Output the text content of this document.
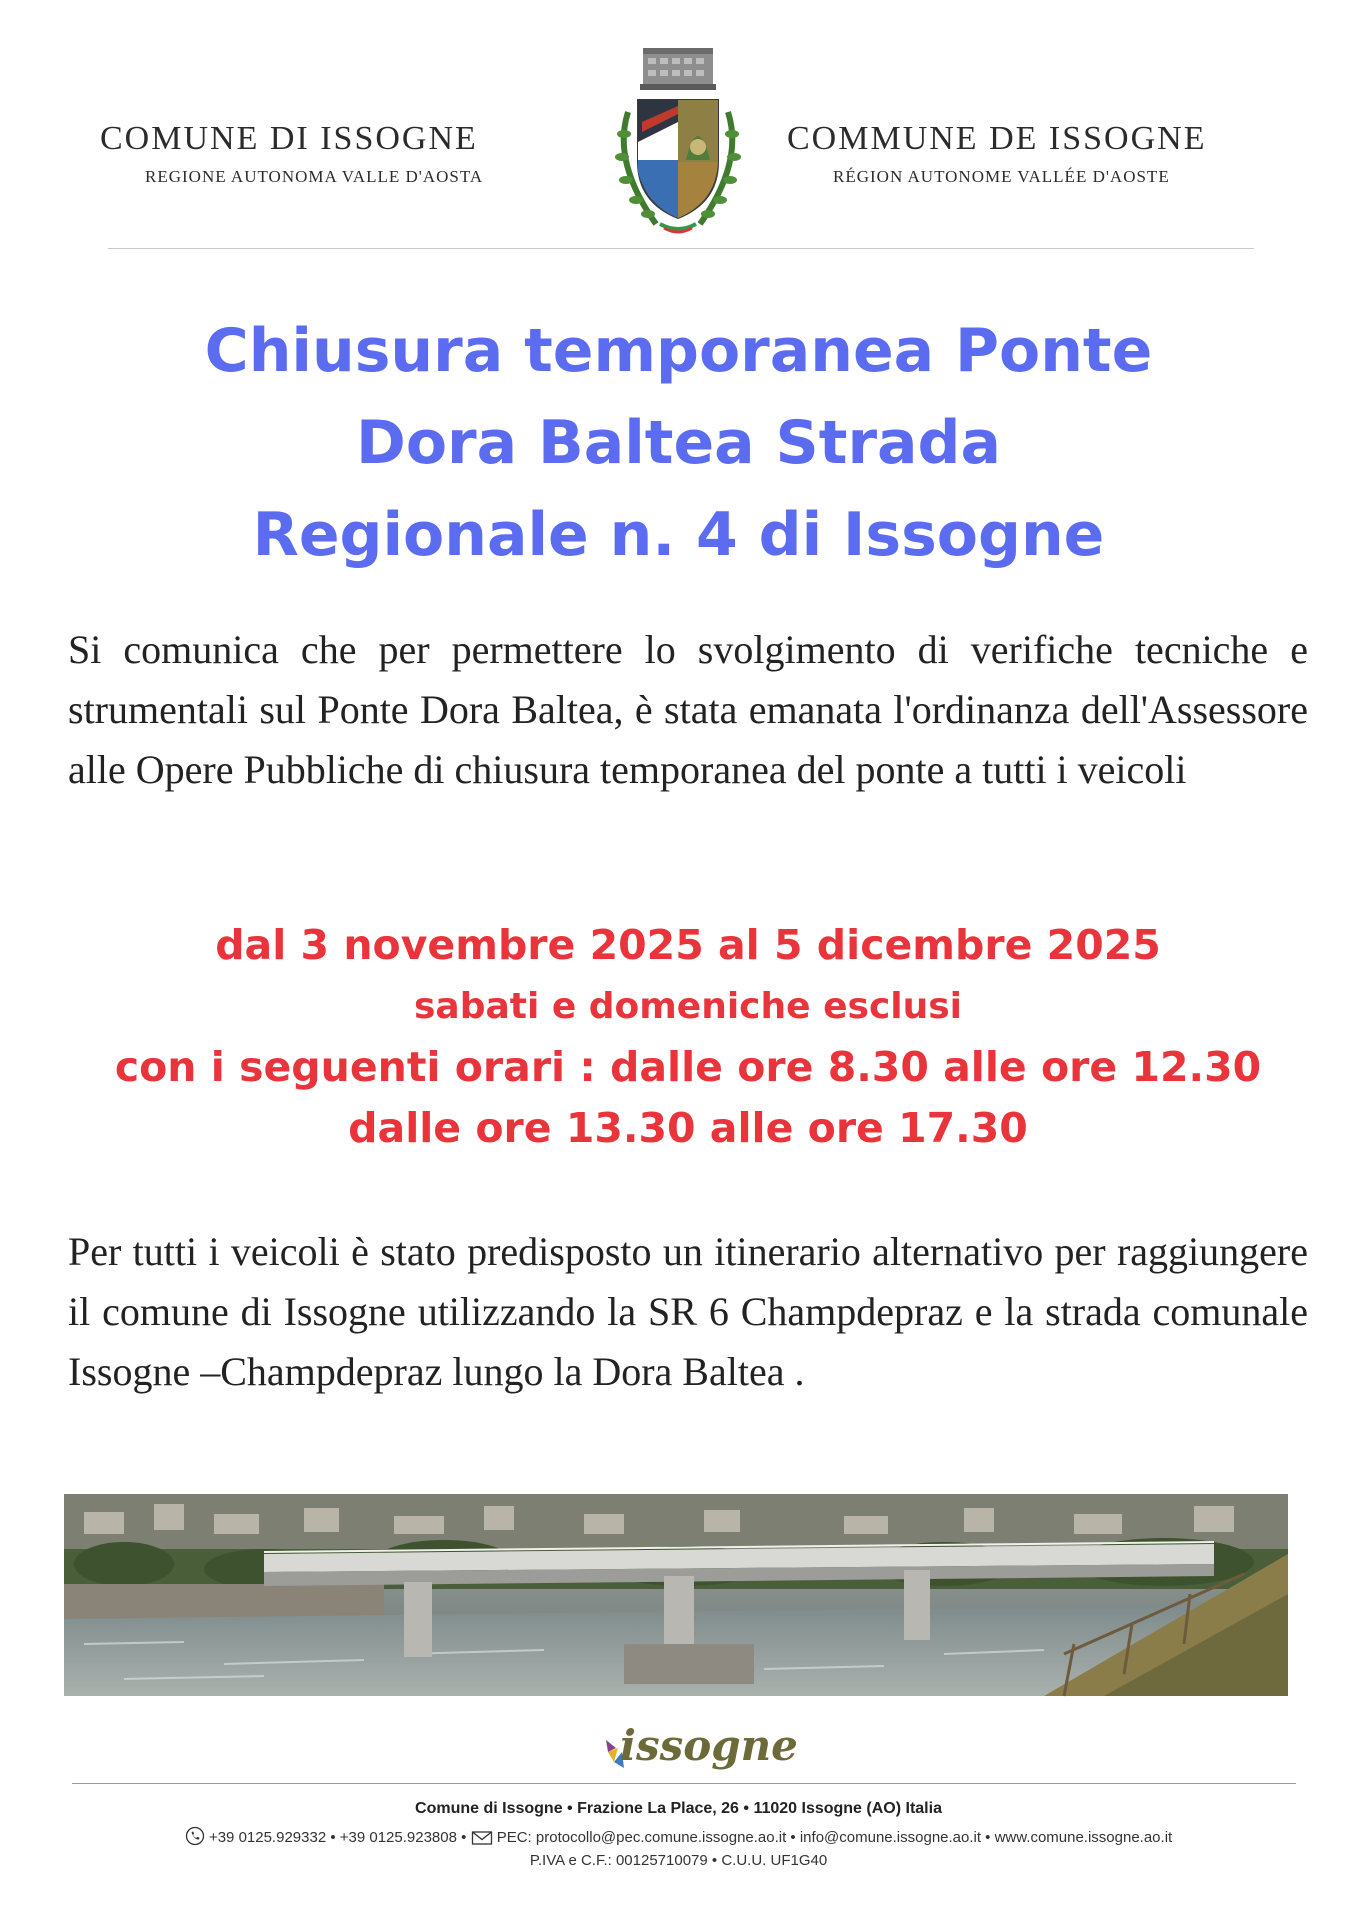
COMUNE DI ISSOGNE
REGIONE AUTONOMA VALLE D'AOSTA
COMMUNE DE ISSOGNE
RÉGION AUTONOME VALLÉE D'AOSTE
Chiusura temporanea Ponte
Dora Baltea Strada
Regionale n. 4 di Issogne
Si comunica che per permettere lo svolgimento di verifiche tecniche e strumentali sul Ponte Dora Baltea, è stata emanata l'ordinanza dell'Assessore alle Opere Pubbliche di chiusura temporanea del ponte a tutti i veicoli
dal 3 novembre 2025 al 5 dicembre 2025
sabati e domeniche esclusi
con i seguenti orari : dalle ore 8.30 alle ore 12.30
dalle ore 13.30 alle ore 17.30
Per tutti i veicoli è stato predisposto un itinerario alternativo per raggiungere il comune di Issogne utilizzando la SR 6 Champdepraz e la strada comunale Issogne –Champdepraz lungo la Dora Baltea .
issogne
Comune di Issogne • Frazione La Place, 26 • 11020 Issogne (AO) Italia
+39 0125.929332 • +39 0125.923808 • PEC: protocollo@pec.comune.issogne.ao.it • info@comune.issogne.ao.it • www.comune.issogne.ao.it
P.IVA e C.F.: 00125710079 • C.U.U. UF1G40
